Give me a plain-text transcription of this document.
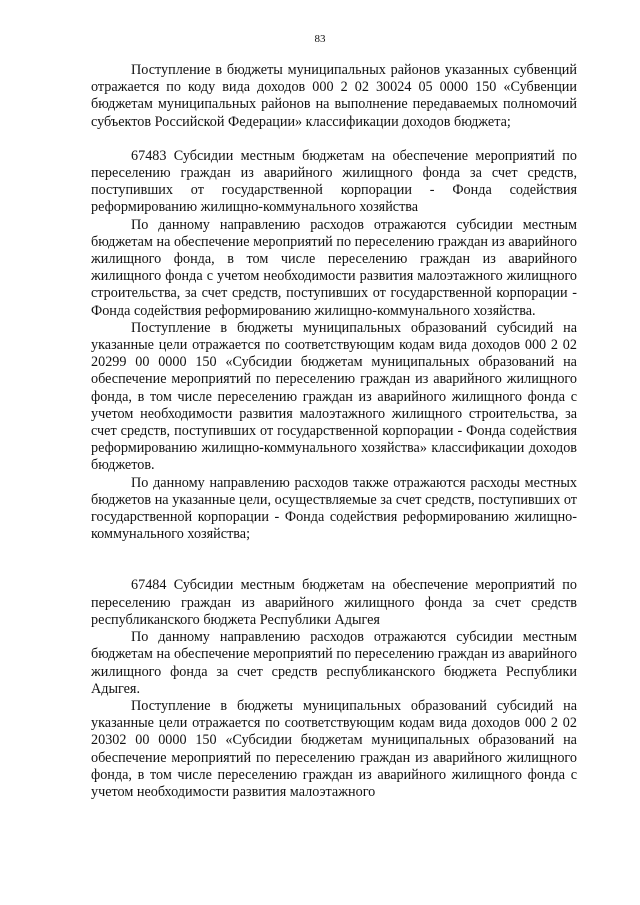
83

Поступление в бюджеты муниципальных районов указанных субвенций отражается по коду вида доходов 000 2 02 30024 05 0000 150 «Субвенции бюджетам муниципальных районов на выполнение передаваемых полномочий субъектов Российской Федерации» классификации доходов бюджета;

67483 Субсидии местным бюджетам на обеспечение мероприятий по переселению граждан из аварийного жилищного фонда за счет средств, поступивших от государственной корпорации - Фонда содействия реформированию жилищно-коммунального хозяйства

По данному направлению расходов отражаются субсидии местным бюджетам на обеспечение мероприятий по переселению граждан из аварийного жилищного фонда, в том числе переселению граждан из аварийного жилищного фонда с учетом необходимости развития малоэтажного жилищного строительства, за счет средств, поступивших от государственной корпорации - Фонда содействия реформированию жилищно-коммунального хозяйства.

Поступление в бюджеты муниципальных образований субсидий на указанные цели отражается по соответствующим кодам вида доходов 000 2 02 20299 00 0000 150 «Субсидии бюджетам муниципальных образований на обеспечение мероприятий по переселению граждан из аварийного жилищного фонда, в том числе переселению граждан из аварийного жилищного фонда с учетом необходимости развития малоэтажного жилищного строительства, за счет средств, поступивших от государственной корпорации - Фонда содействия реформированию жилищно-коммунального хозяйства» классификации доходов бюджетов.

По данному направлению расходов также отражаются расходы местных бюджетов на указанные цели, осуществляемые за счет средств, поступивших от государственной корпорации - Фонда содействия реформированию жилищно-коммунального хозяйства;

67484 Субсидии местным бюджетам на обеспечение мероприятий по переселению граждан из аварийного жилищного фонда за счет средств республиканского бюджета Республики Адыгея

По данному направлению расходов отражаются субсидии местным бюджетам на обеспечение мероприятий по переселению граждан из аварийного жилищного фонда за счет средств республиканского бюджета Республики Адыгея.

Поступление в бюджеты муниципальных образований субсидий на указанные цели отражается по соответствующим кодам вида доходов 000 2 02 20302 00 0000 150 «Субсидии бюджетам муниципальных образований на обеспечение мероприятий по переселению граждан из аварийного жилищного фонда, в том числе переселению граждан из аварийного жилищного фонда с учетом необходимости развития малоэтажного
